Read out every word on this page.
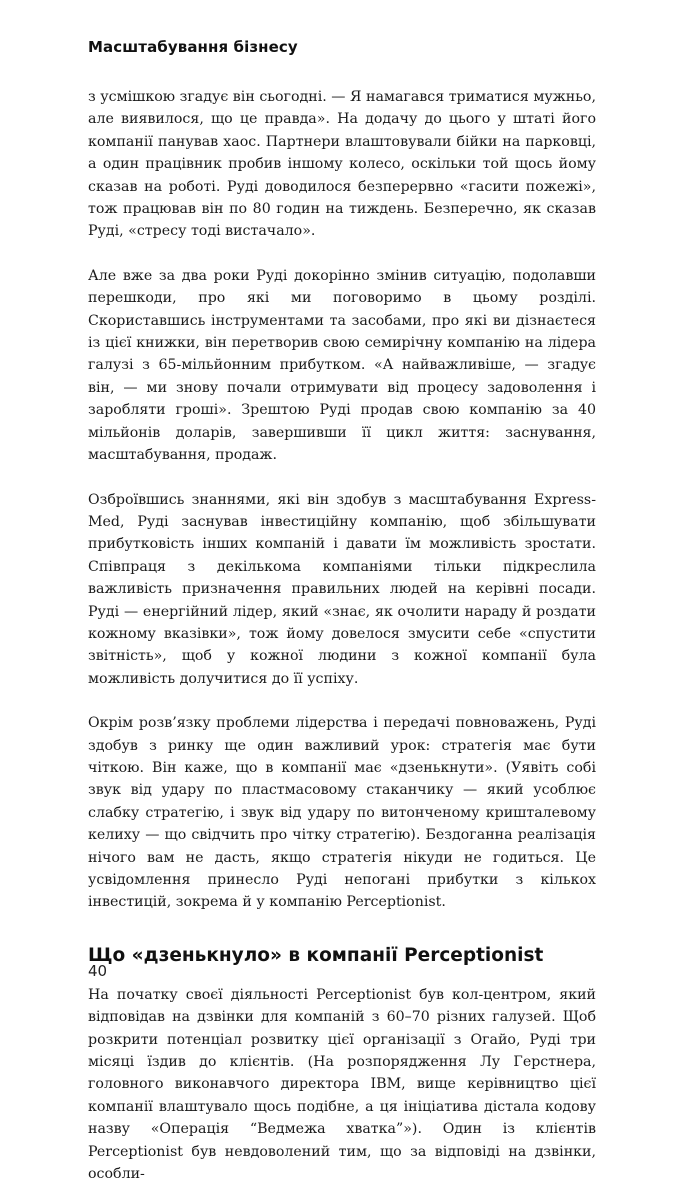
Масштабування бізнесу

з усмішкою згадує він сьогодні. — Я намагався триматися мужньо, але виявилося, що це правда». На додачу до цього у штаті його компанії панував хаос. Партнери влаштовували бійки на парковці, а один працівник пробив іншому колесо, оскільки той щось йому сказав на роботі. Руді доводилося безперервно «гасити пожежі», тож працював він по 80 годин на тиждень. Безперечно, як сказав Руді, «стресу тоді вистачало».

Але вже за два роки Руді докорінно змінив ситуацію, подолавши перешкоди, про які ми поговоримо в цьому розділі. Скориставшись інструментами та засобами, про які ви дізнаєтеся із цієї книжки, він перетворив свою семирічну компанію на лідера галузі з 65-мільйонним прибутком. «А найважливіше, — згадує він, — ми знову почали отримувати від процесу задоволення і заробляти гроші». Зрештою Руді продав свою компанію за 40 мільйонів доларів, завершивши її цикл життя: заснування, масштабування, продаж.

Озброївшись знаннями, які він здобув з масштабування Express-Med, Руді заснував інвестиційну компанію, щоб збільшувати прибутковість інших компаній і давати їм можливість зростати. Співпраця з декількома компаніями тільки підкреслила важливість призначення правильних людей на керівні посади. Руді — енергійний лідер, який «знає, як очолити нараду й роздати кожному вказівки», тож йому довелося змусити себе «спустити звітність», щоб у кожної людини з кожної компанії була можливість долучитися до її успіху.

Окрім розв’язку проблеми лідерства і передачі повноважень, Руді здобув з ринку ще один важливий урок: стратегія має бути чіткою. Він каже, що в компанії має «дзенькнути». (Уявіть собі звук від удару по пластмасовому стаканчику — який усоблює слабку стратегію, і звук від удару по витонченому кришталевому келиху — що свідчить про чітку стратегію). Бездоганна реалізація нічого вам не дасть, якщо стратегія нікуди не годиться. Це усвідомлення принесло Руді непогані прибутки з кількох інвестицій, зокрема й у компанію Perceptionist.

Що «дзенькнуло» в компанії Perceptionist

На початку своєї діяльності Perceptionist був кол-центром, який відповідав на дзвінки для компаній з 60–70 різних галузей. Щоб розкрити потенціал розвитку цієї організації з Огайо, Руді три місяці їздив до клієнтів. (На розпорядження Лу Герстнера, головного виконавчого директора IBM, вище керівництво цієї компанії влаштувало щось подібне, а ця ініціатива дістала кодову назву «Операція “Ведмежа хватка”»). Один із клієнтів Perceptionist був невдоволений тим, що за відповіді на дзвінки, особли-

40
